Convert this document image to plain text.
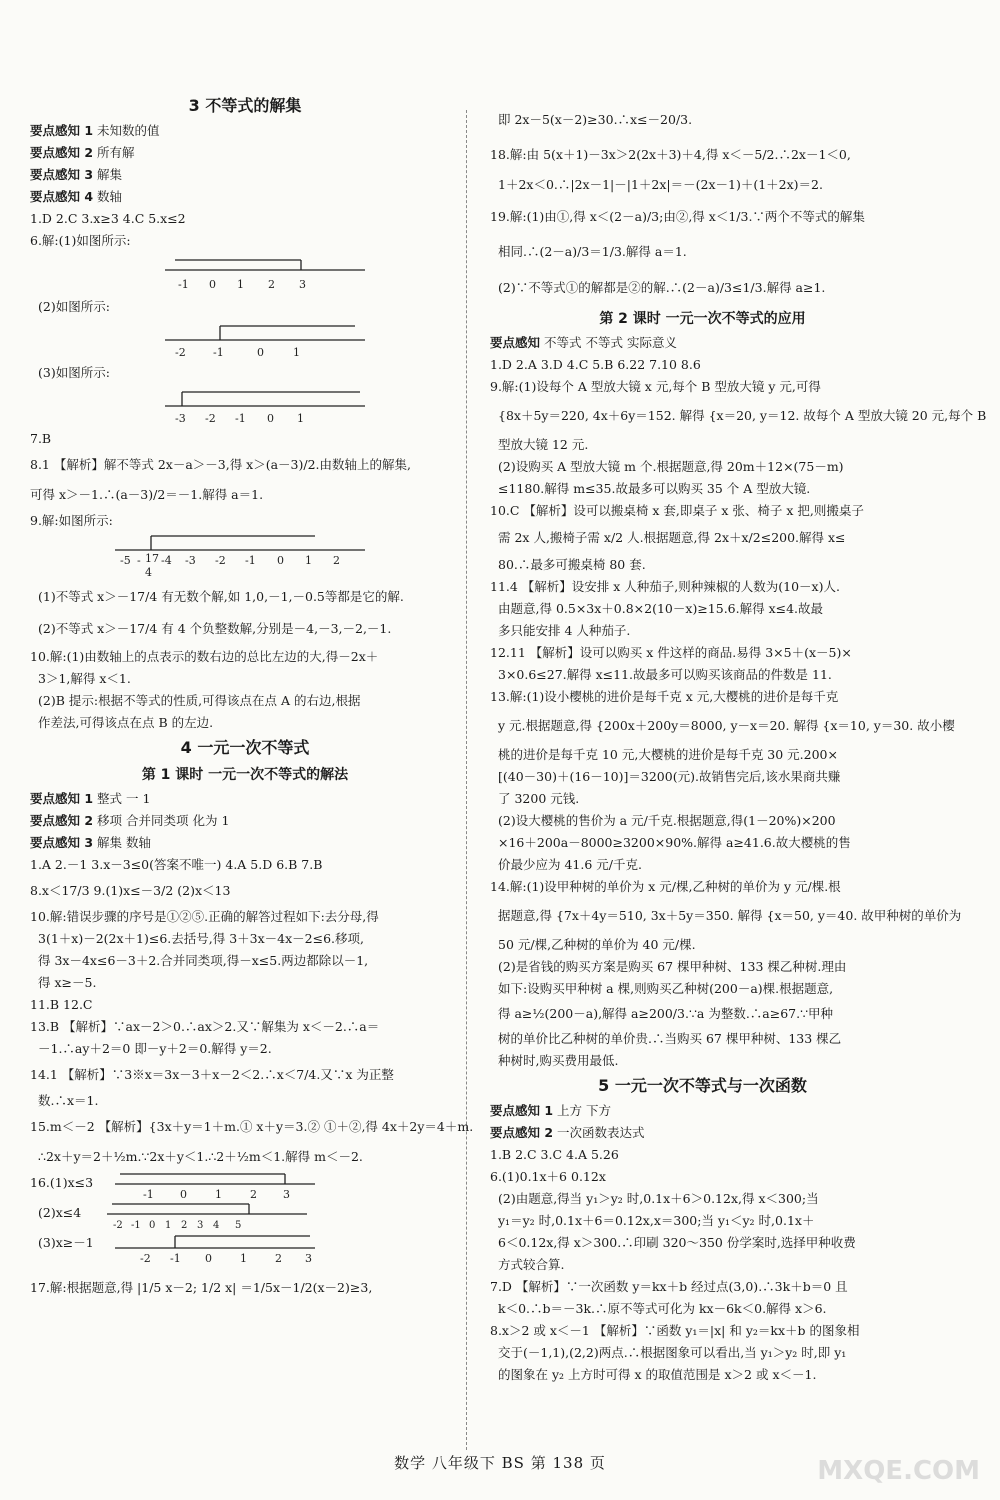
3 不等式的解集
要点感知 1 未知数的值
要点感知 2 所有解
要点感知 3 解集
要点感知 4 数轴
1.D 2.C 3.x≥3 4.C 5.x≤2
6.解:(1)如图所示:
-1 0 1 2 3
(2)如图所示:
-2 -1	0	1
(3)如图所示:
-3 -2 -1 0 1
7.B
8.1 【解析】解不等式 2x－a＞－3,得 x＞(a－3)/2.由数轴上的解集,
可得 x＞－1.∴(a－3)/2＝－1.解得 a＝1.
9.解:如图所示:
-5 - 17
4
-4 -3 -2 -1 0 1 2
(1)不等式 x＞－17/4 有无数个解,如 1,0,－1,－0.5等都是它的解.
(2)不等式 x＞－17/4 有 4 个负整数解,分别是－4,－3,－2,－1.
10.解:(1)由数轴上的点表示的数右边的总比左边的大,得－2x＋
3＞1,解得 x＜1.
(2)B 提示:根据不等式的性质,可得该点在点 A 的右边,根据
作差法,可得该点在点 B 的左边.
4 一元一次不等式
第 1 课时 一元一次不等式的解法
要点感知 1 整式 一 1
要点感知 2 移项 合并同类项 化为 1
要点感知 3 解集 数轴
1.A 2.－1 3.x－3≤0(答案不唯一) 4.A 5.D 6.B 7.B
8.x＜17/3 9.(1)x≤－3/2 (2)x＜13
10.解:错误步骤的序号是①②⑤.正确的解答过程如下:去分母,得
3(1＋x)－2(2x＋1)≤6.去括号,得 3＋3x－4x－2≤6.移项,
得 3x－4x≤6－3＋2.合并同类项,得－x≤5.两边都除以－1,
得 x≥－5.
11.B 12.C
13.B 【解析】∵ax－2＞0.∴ax＞2.又∵解集为 x＜－2.∴a＝
－1.∴ay＋2＝0 即－y＋2＝0.解得 y＝2.
14.1 【解析】∵3※x＝3x－3＋x－2＜2.∴x＜7/4.又∵x 为正整
数.∴x＝1.
15.m＜－2 【解析】{3x＋y＝1＋m.① x＋y＝3.② ①＋②,得 4x＋2y＝4＋m.
∴2x＋y＝2＋½m.∵2x＋y＜1.∴2＋½m＜1.解得 m＜－2.
16.(1)x≤3
-1 0	1	2 3
(2)x≤4
-2 -1 0 1 2 3 4 5
(3)x≥－1
-2 -1 0	1	2 3
17.解:根据题意,得 |1/5 x－2; 1/2 x| ＝1/5x－1/2(x－2)≥3,
即 2x－5(x－2)≥30.∴x≤－20/3.
18.解:由 5(x＋1)－3x＞2(2x＋3)＋4,得 x＜－5/2.∴2x－1＜0,
1＋2x＜0.∴|2x－1|－|1＋2x|＝－(2x－1)＋(1＋2x)＝2.
19.解:(1)由①,得 x＜(2－a)/3;由②,得 x＜1/3.∵两个不等式的解集
相同.∴(2－a)/3＝1/3.解得 a＝1.
(2)∵不等式①的解都是②的解.∴(2－a)/3≤1/3.解得 a≥1.
第 2 课时 一元一次不等式的应用
要点感知 不等式 不等式 实际意义
1.D 2.A 3.D 4.C 5.B 6.22 7.10 8.6
9.解:(1)设每个 A 型放大镜 x 元,每个 B 型放大镜 y 元,可得
{8x＋5y＝220, 4x＋6y＝152. 解得 {x＝20, y＝12. 故每个 A 型放大镜 20 元,每个 B
型放大镜 12 元.
(2)设购买 A 型放大镜 m 个.根据题意,得 20m＋12×(75－m)
≤1180.解得 m≤35.故最多可以购买 35 个 A 型放大镜.
10.C 【解析】设可以搬桌椅 x 套,即桌子 x 张、椅子 x 把,则搬桌子
需 2x 人,搬椅子需 x/2 人.根据题意,得 2x＋x/2≤200.解得 x≤
80.∴最多可搬桌椅 80 套.
11.4 【解析】设安排 x 人种茄子,则种辣椒的人数为(10－x)人.
由题意,得 0.5×3x＋0.8×2(10－x)≥15.6.解得 x≤4.故最
多只能安排 4 人种茄子.
12.11 【解析】设可以购买 x 件这样的商品.易得 3×5＋(x－5)×
3×0.6≤27.解得 x≤11.故最多可以购买该商品的件数是 11.
13.解:(1)设小樱桃的进价是每千克 x 元,大樱桃的进价是每千克
y 元.根据题意,得 {200x＋200y＝8000, y－x＝20. 解得 {x＝10, y＝30. 故小樱
桃的进价是每千克 10 元,大樱桃的进价是每千克 30 元.200×
[(40－30)＋(16－10)]＝3200(元).故销售完后,该水果商共赚
了 3200 元钱.
(2)设大樱桃的售价为 a 元/千克.根据题意,得(1－20%)×200
×16＋200a－8000≥3200×90%.解得 a≥41.6.故大樱桃的售
价最少应为 41.6 元/千克.
14.解:(1)设甲种树的单价为 x 元/棵,乙种树的单价为 y 元/棵.根
据题意,得 {7x＋4y＝510, 3x＋5y＝350. 解得 {x＝50, y＝40. 故甲种树的单价为
50 元/棵,乙种树的单价为 40 元/棵.
(2)是省钱的购买方案是购买 67 棵甲种树、133 棵乙种树.理由
如下:设购买甲种树 a 棵,则购买乙种树(200－a)棵.根据题意,
得 a≥½(200－a),解得 a≥200/3.∵a 为整数.∴a≥67.∵甲种
树的单价比乙种树的单价贵.∴当购买 67 棵甲种树、133 棵乙
种树时,购买费用最低.
5 一元一次不等式与一次函数
要点感知 1 上方 下方
要点感知 2 一次函数表达式
1.B 2.C 3.C 4.A 5.26
6.(1)0.1x＋6 0.12x
(2)由题意,得当 y₁＞y₂ 时,0.1x＋6＞0.12x,得 x＜300;当
y₁＝y₂ 时,0.1x＋6＝0.12x,x＝300;当 y₁＜y₂ 时,0.1x＋
6＜0.12x,得 x＞300.∴印刷 320～350 份学案时,选择甲种收费
方式较合算.
7.D 【解析】∵一次函数 y＝kx＋b 经过点(3,0).∴3k＋b＝0 且
k＜0.∴b＝－3k.∴原不等式可化为 kx－6k＜0.解得 x＞6.
8.x＞2 或 x＜－1 【解析】∵函数 y₁＝|x| 和 y₂＝kx＋b 的图象相
交于(－1,1),(2,2)两点.∴根据图象可以看出,当 y₁＞y₂ 时,即 y₁
的图象在 y₂ 上方时可得 x 的取值范围是 x＞2 或 x＜－1.
数学 八年级下 BS 第 138 页	MXQE.COM
